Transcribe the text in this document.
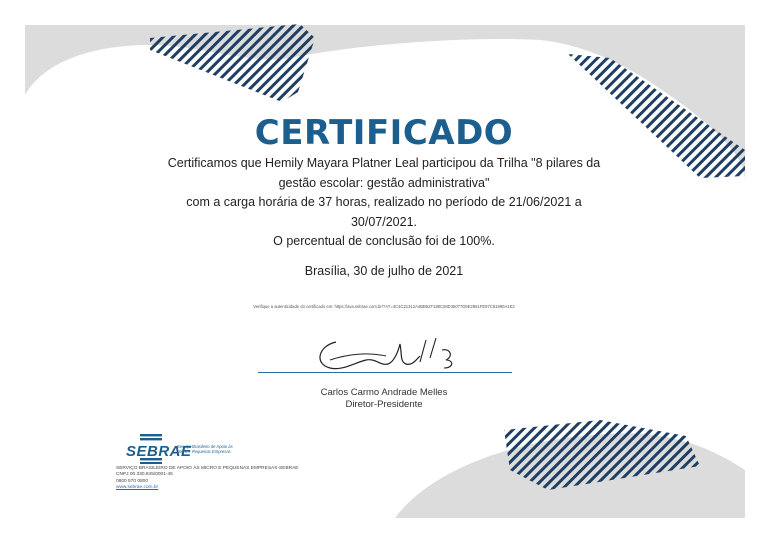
CERTIFICADO

Certificamos que Hemily Mayara Platner Leal participou da Trilha "8 pilares da

gestão escolar: gestão administrativa"

com a carga horária de 37 horas, realizado no período de 21/06/2021 a

30/07/2021.

O percentual de conclusão foi de 100%.

Brasília, 30 de julho de 2021

Verifique a autenticidade do certificado em: https://ava.sebrae.com.br/?AT=4C4C21312A4BB52F198C08D35077D5E2851FE97C61990A1E2

Carlos Carmo Andrade Melles

Diretor-Presidente

SEBRAE

Serviço Brasileiro de Apoio às
Micro e Pequenas Empresas
SERVIÇO BRASILEIRO DE APOIO ÀS MICRO E PEQUENAS EMPRESAS-SEBRAE
CNPJ 00.330.845/0001-45
0800 570 0800
www.sebrae.com.br
